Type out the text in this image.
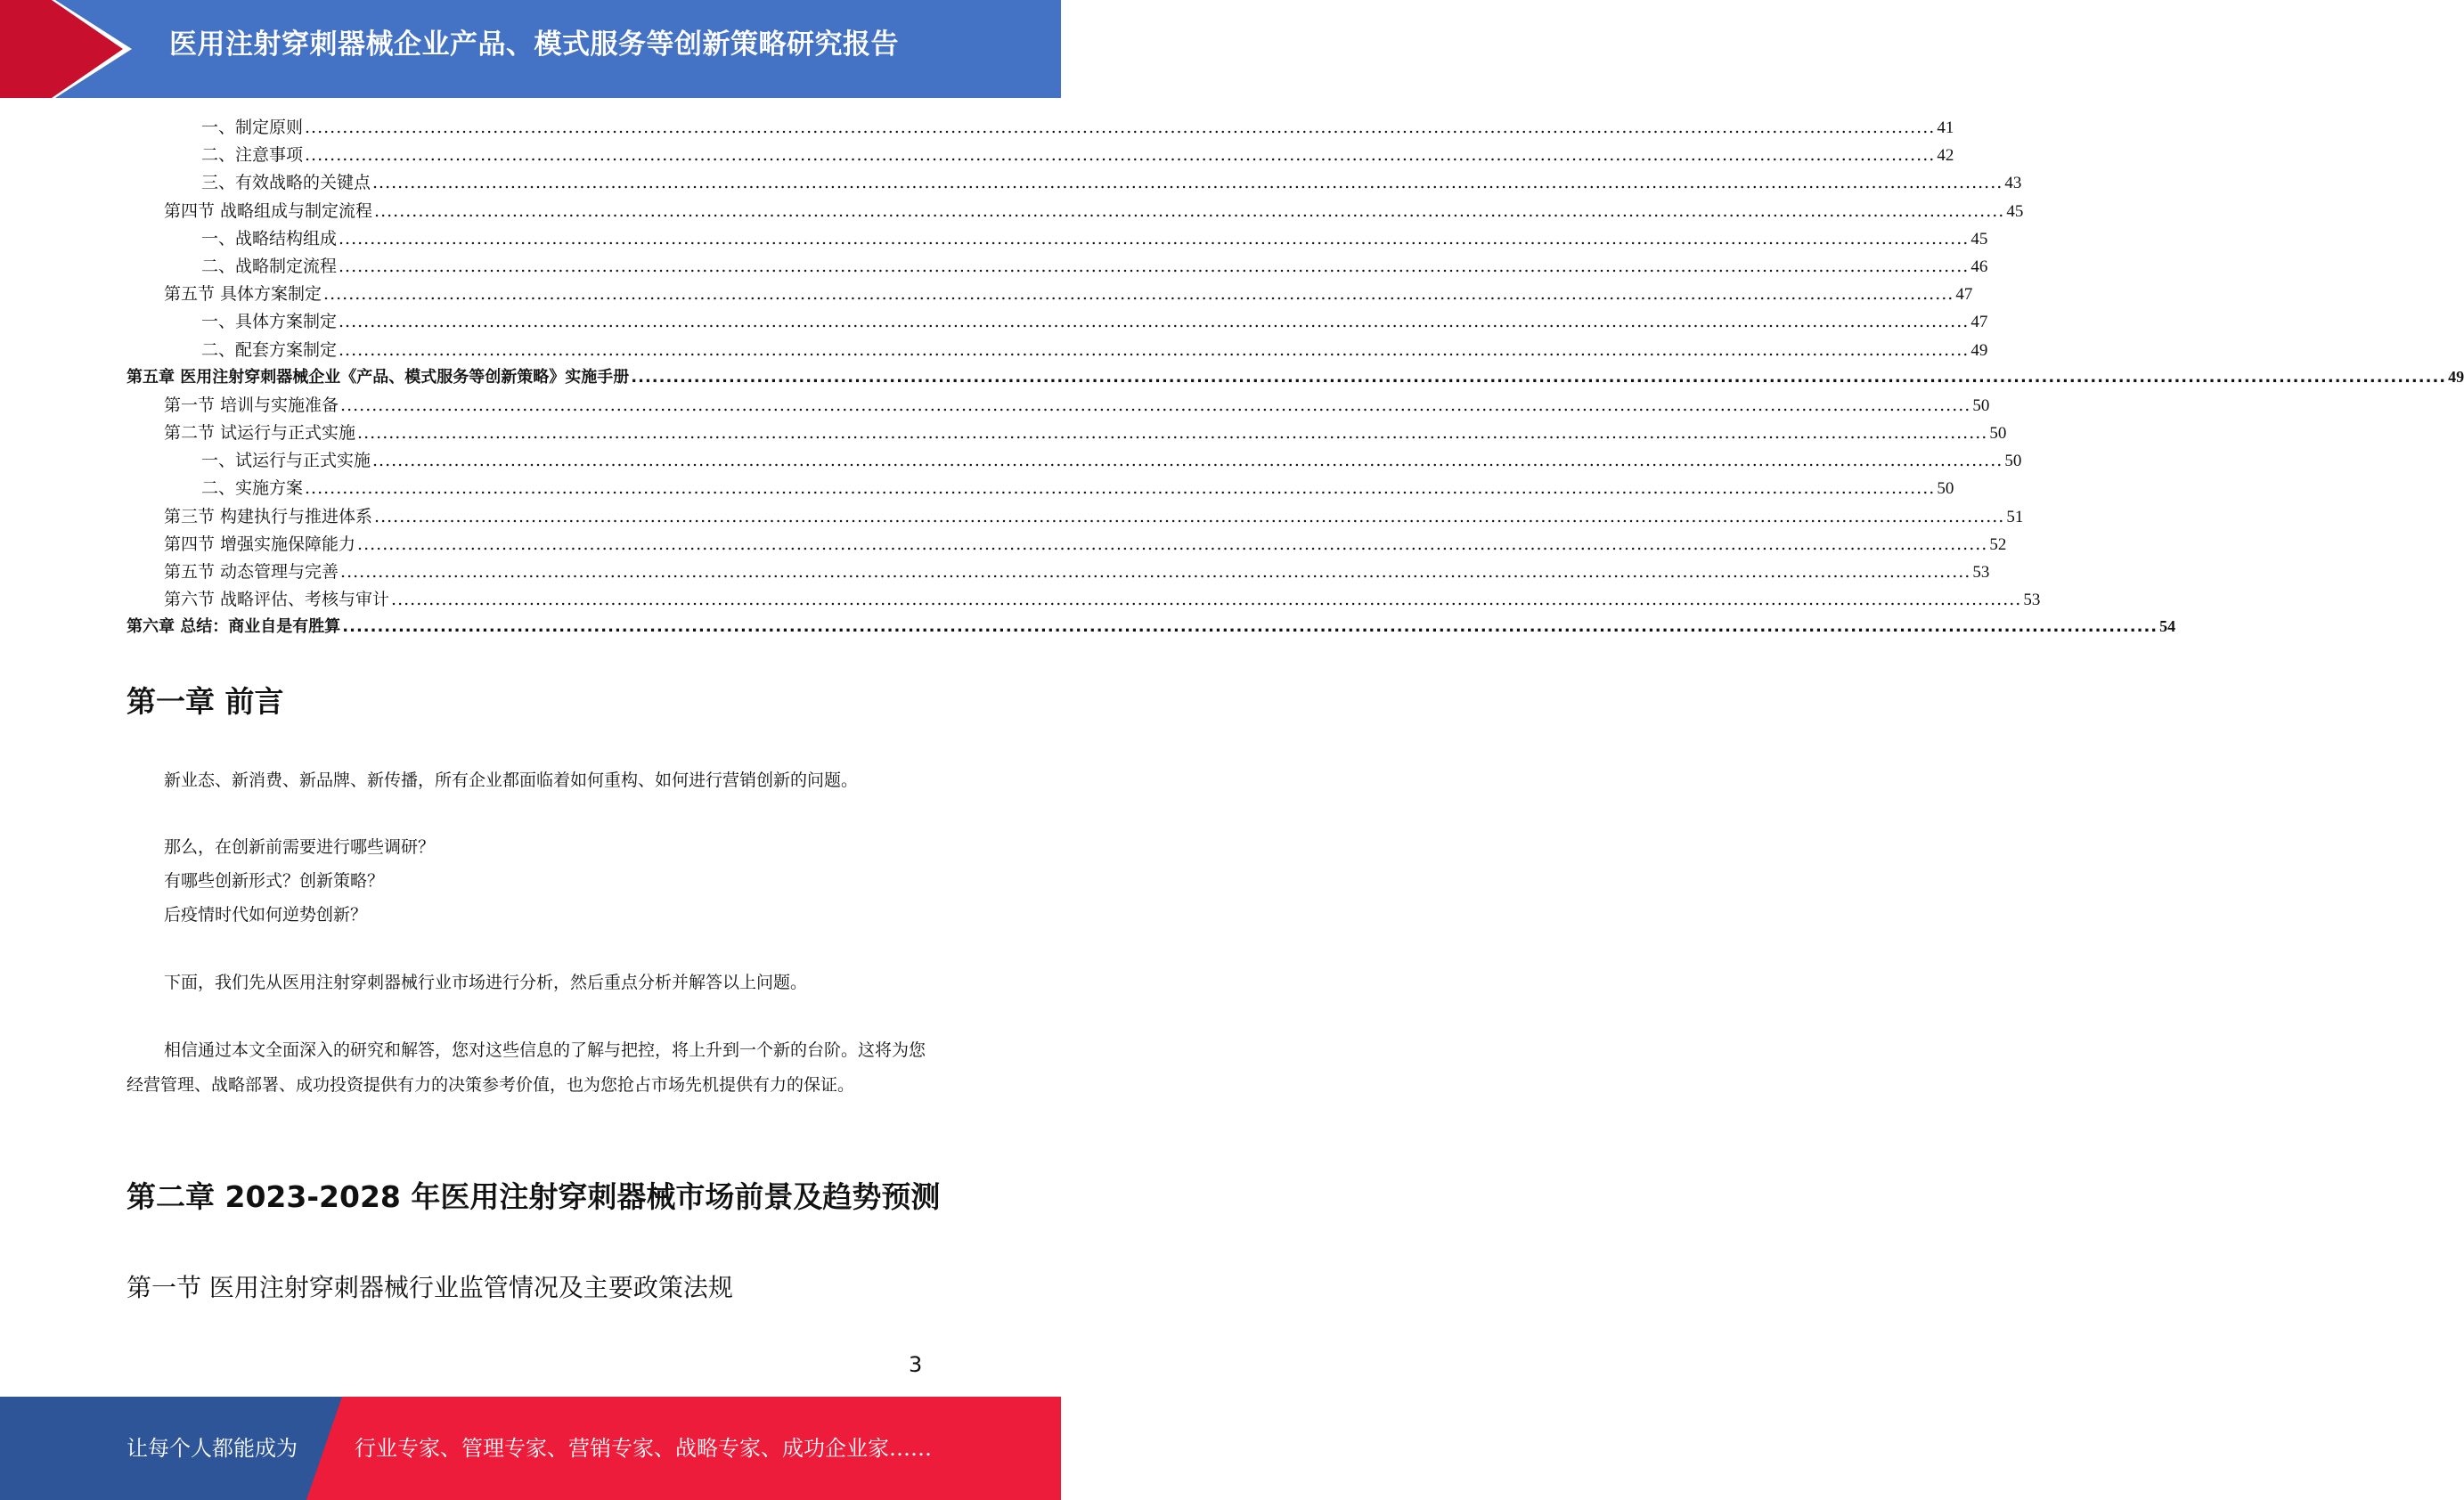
医用注射穿刺器械企业产品、模式服务等创新策略研究报告
一、制定原则 .................................................................................................................................................................................................................................................................... 41
二、注意事项 .................................................................................................................................................................................................................................................................... 42
三、有效战略的关键点 .................................................................................................................................................................................................................................................................... 43
第四节 战略组成与制定流程 .................................................................................................................................................................................................................................................................... 45
一、战略结构组成 .................................................................................................................................................................................................................................................................... 45
二、战略制定流程 .................................................................................................................................................................................................................................................................... 46
第五节 具体方案制定 .................................................................................................................................................................................................................................................................... 47
一、具体方案制定 .................................................................................................................................................................................................................................................................... 47
二、配套方案制定 .................................................................................................................................................................................................................................................................... 49
第五章 医用注射穿刺器械企业《产品、模式服务等创新策略》实施手册 .................................................................................................................................................................................................................................................................... 49
第一节 培训与实施准备 .................................................................................................................................................................................................................................................................... 50
第二节 试运行与正式实施 .................................................................................................................................................................................................................................................................... 50
一、试运行与正式实施 .................................................................................................................................................................................................................................................................... 50
二、实施方案 .................................................................................................................................................................................................................................................................... 50
第三节 构建执行与推进体系 .................................................................................................................................................................................................................................................................... 51
第四节 增强实施保障能力 .................................................................................................................................................................................................................................................................... 52
第五节 动态管理与完善 .................................................................................................................................................................................................................................................................... 53
第六节 战略评估、考核与审计 .................................................................................................................................................................................................................................................................... 53
第六章 总结：商业自是有胜算 .................................................................................................................................................................................................................................................................... 54
第一章 前言

新业态、新消费、新品牌、新传播，所有企业都面临着如何重构、如何进行营销创新的问题。

那么，在创新前需要进行哪些调研？

有哪些创新形式？创新策略？

后疫情时代如何逆势创新？

下面，我们先从医用注射穿刺器械行业市场进行分析，然后重点分析并解答以上问题。

相信通过本文全面深入的研究和解答，您对这些信息的了解与把控，将上升到一个新的台阶。这将为您经营管理、战略部署、成功投资提供有力的决策参考价值，也为您抢占市场先机提供有力的保证。

第二章 2023-2028 年医用注射穿刺器械市场前景及趋势预测
第一节 医用注射穿刺器械行业监管情况及主要政策法规
3
让每个人都能成为	行业专家、管理专家、营销专家、战略专家、成功企业家……
